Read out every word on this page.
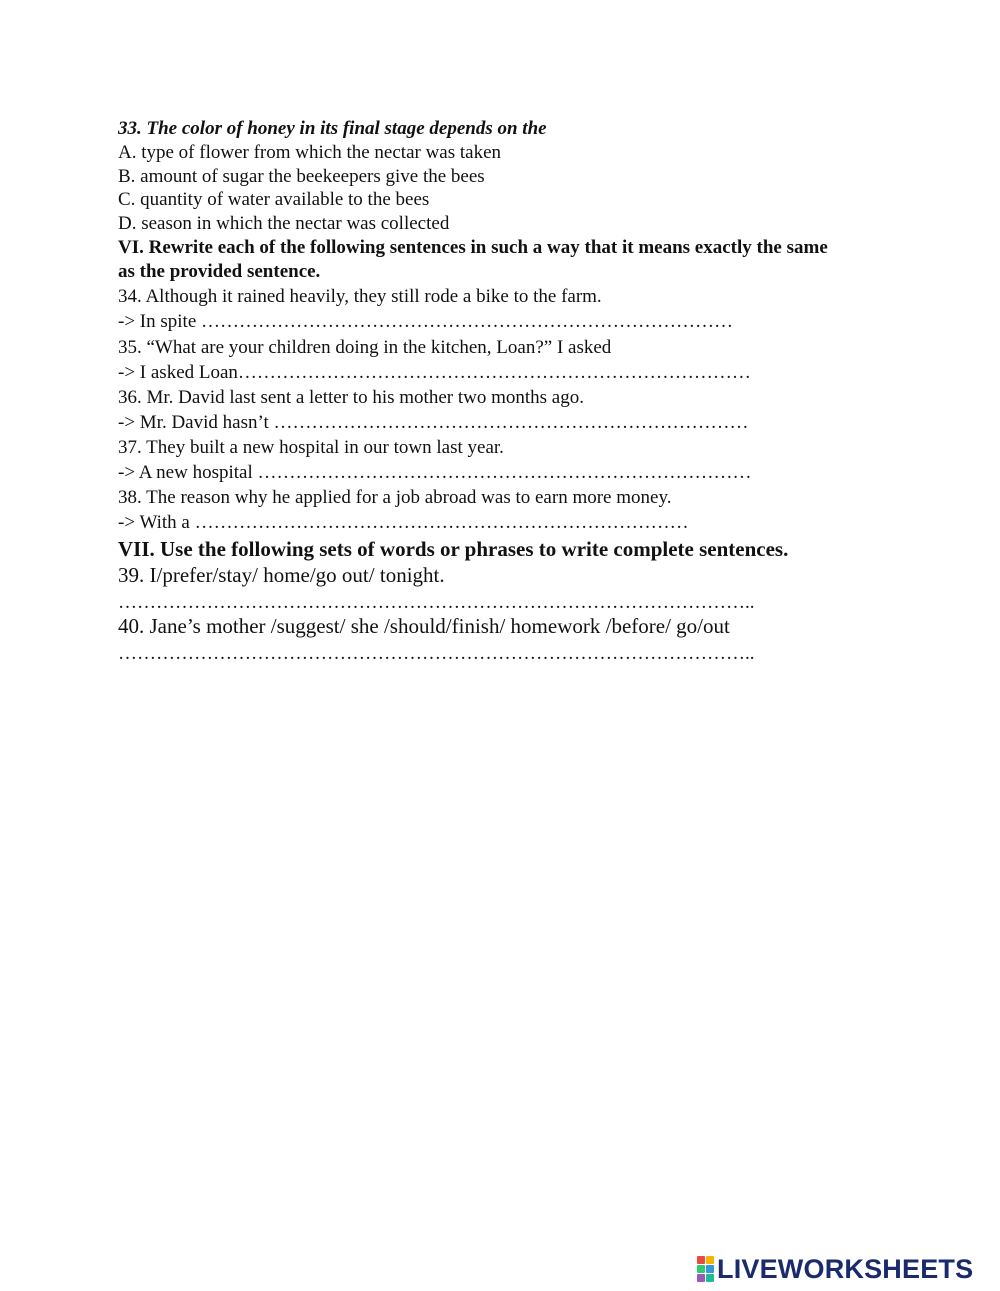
33. The color of honey in its final stage depends on the
A. type of flower from which the nectar was taken
B. amount of sugar the beekeepers give the bees
C. quantity of water available to the bees
D. season in which the nectar was collected
VI. Rewrite each of the following sentences in such a way that it means exactly the same
as the provided sentence.
34. Although it rained heavily, they still rode a bike to the farm.
-> In spite …………………………………………………………………………
35. “What are your children doing in the kitchen, Loan?” I asked
-> I asked Loan………………………………………………………………………
36. Mr. David last sent a letter to his mother two months ago.
-> Mr. David hasn’t …………………………………………………………………
37. They built a new hospital in our town last year.
-> A new hospital ……………………………………………………………………
38. The reason why he applied for a job abroad was to earn more money.
-> With a ……………………………………………………………………
VII. Use the following sets of words or phrases to write complete sentences.
39. I/prefer/stay/ home/go out/ tonight.
………………………………………………………………………………………..
40. Jane’s mother /suggest/ she /should/finish/ homework /before/ go/out
………………………………………………………………………………………..
LIVEWORKSHEETS
